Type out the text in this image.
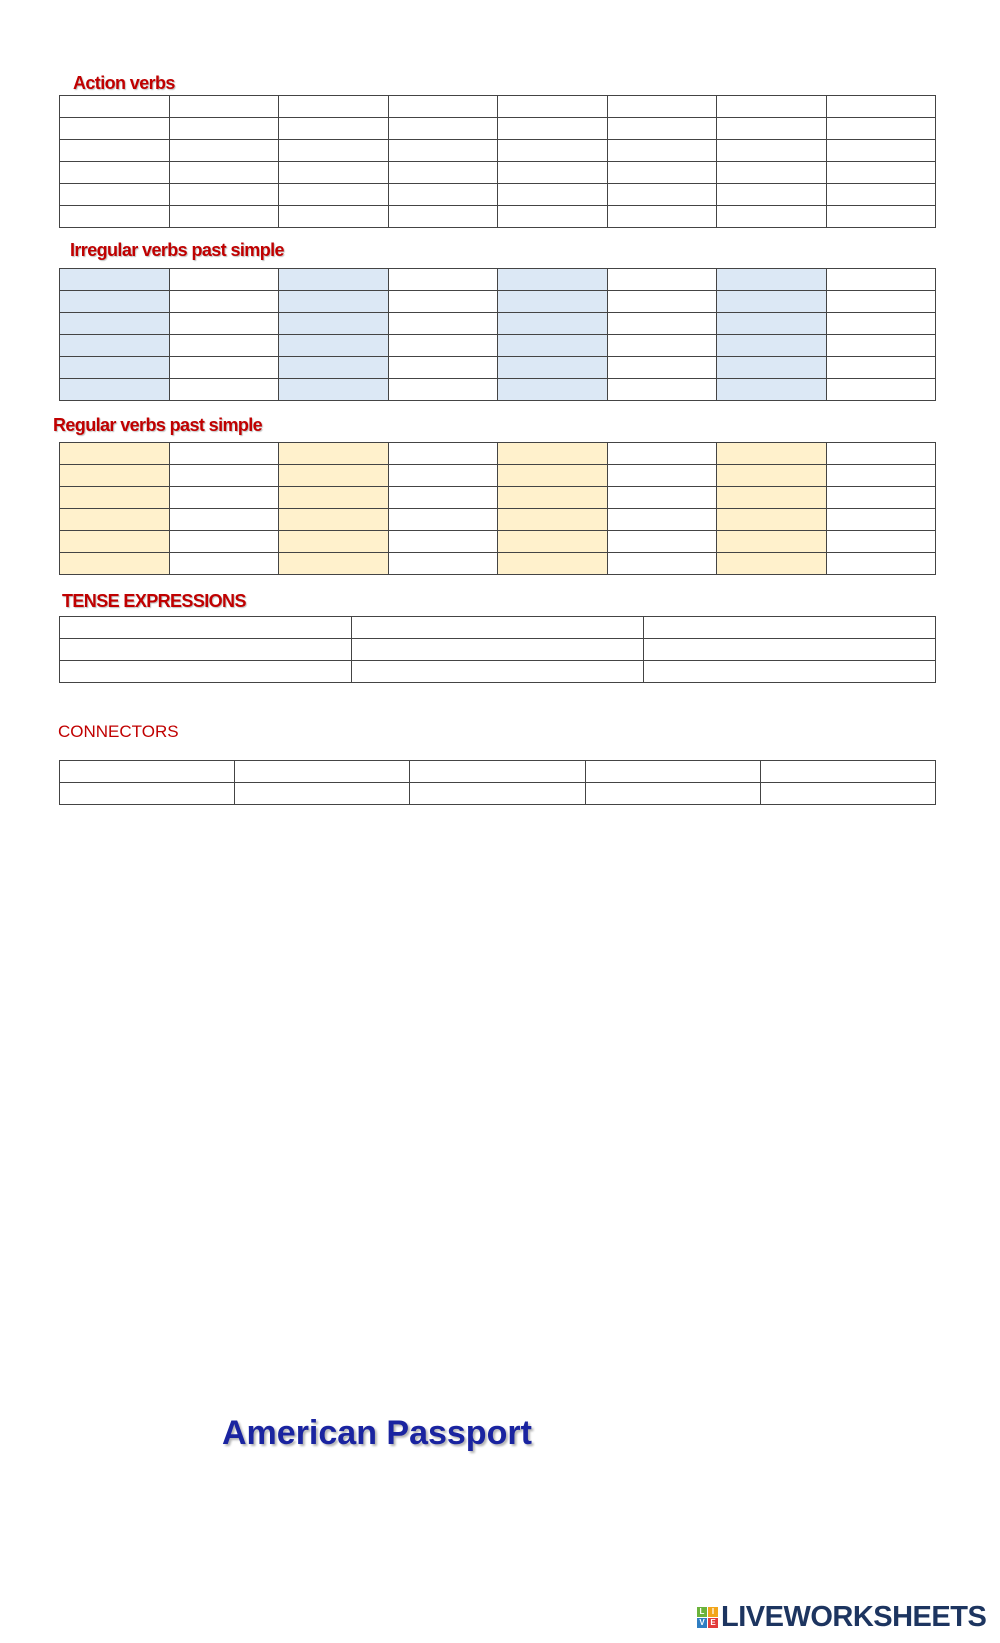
Action verbs

Irregular verbs past simple

Regular verbs past simple

TENSE EXPRESSIONS

CONNECTORS

American Passport
L I
V E LIVEWORKSHEETS
